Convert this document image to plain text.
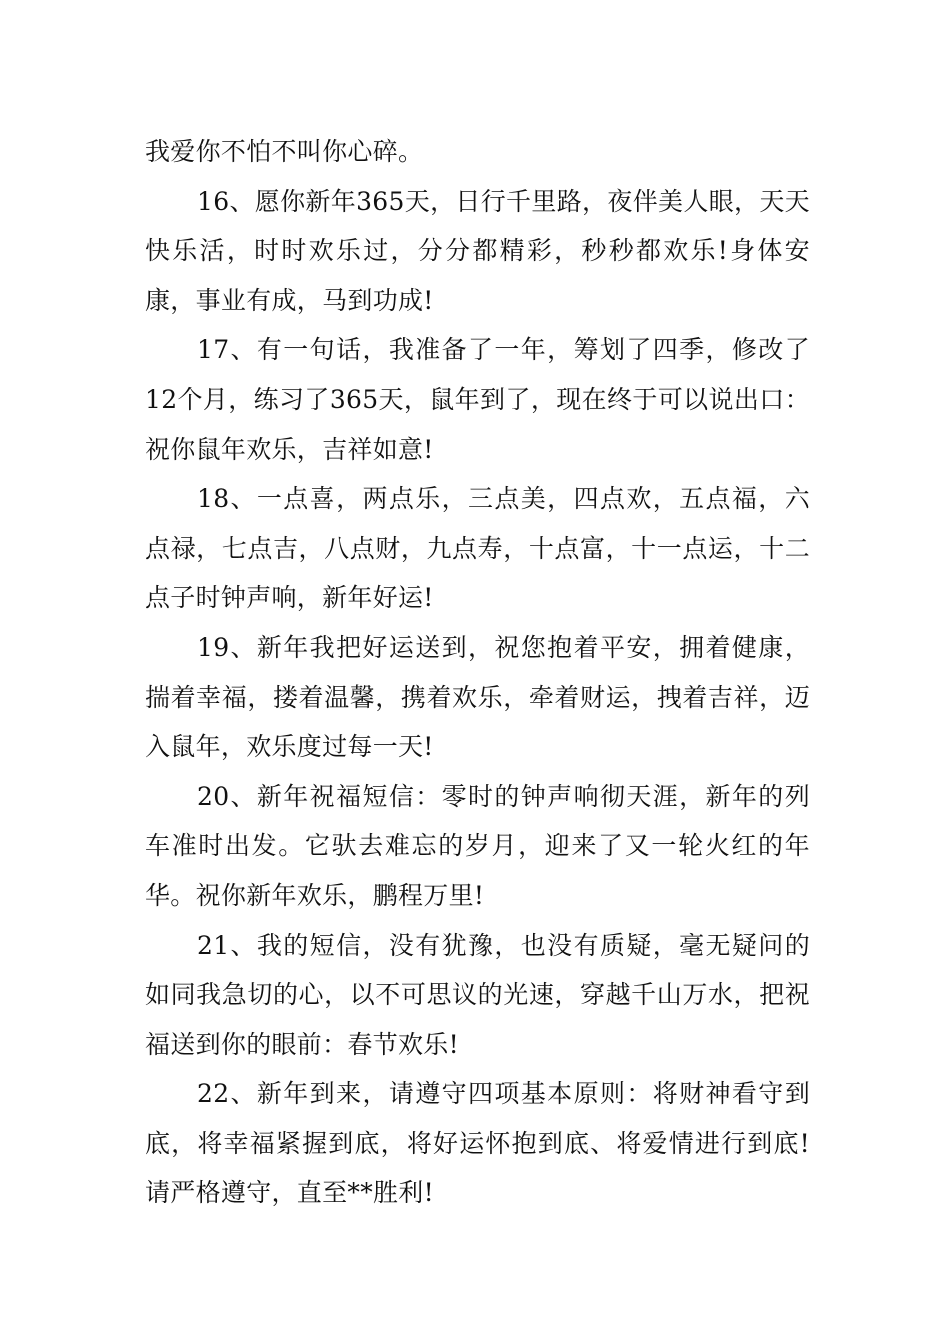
我爱你不怕不叫你心碎。

16、愿你新年365天，日行千里路，夜伴美人眼，天天快乐活，时时欢乐过，分分都精彩，秒秒都欢乐!身体安康，事业有成，马到功成!

17、有一句话，我准备了一年，筹划了四季，修改了12个月，练习了365天，鼠年到了，现在终于可以说出口：祝你鼠年欢乐，吉祥如意!

18、一点喜，两点乐，三点美，四点欢，五点福，六点禄，七点吉，八点财，九点寿，十点富，十一点运，十二点子时钟声响，新年好运!

19、新年我把好运送到，祝您抱着平安，拥着健康，揣着幸福，搂着温馨，携着欢乐，牵着财运，拽着吉祥，迈入鼠年，欢乐度过每一天!

20、新年祝福短信：零时的钟声响彻天涯，新年的列车准时出发。它驮去难忘的岁月，迎来了又一轮火红的年华。祝你新年欢乐，鹏程万里!

21、我的短信，没有犹豫，也没有质疑，毫无疑问的如同我急切的心，以不可思议的光速，穿越千山万水，把祝福送到你的眼前：春节欢乐!

22、新年到来，请遵守四项基本原则：将财神看守到底，将幸福紧握到底，将好运怀抱到底、将爱情进行到底!请严格遵守，直至**胜利!
